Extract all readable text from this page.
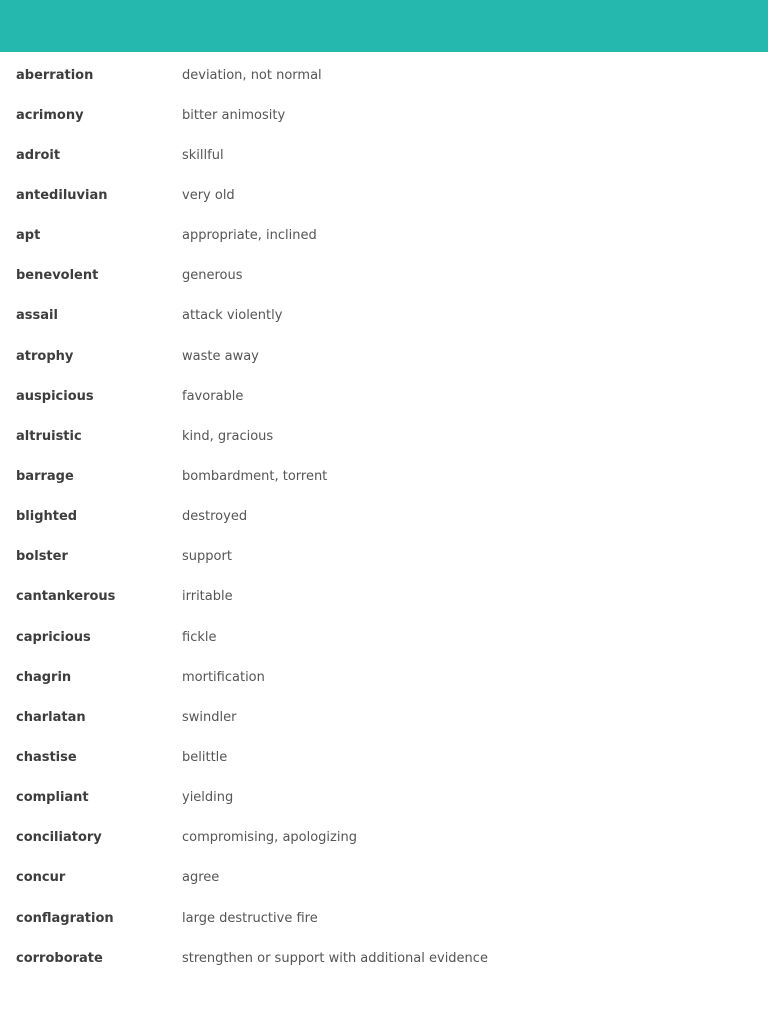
aberration	deviation, not normal
acrimony	bitter animosity
adroit	skillful
antediluvian	very old
apt	appropriate, inclined
benevolent	generous
assail	attack violently
atrophy	waste away
auspicious	favorable
altruistic	kind, gracious
barrage	bombardment, torrent
blighted	destroyed
bolster	support
cantankerous	irritable
capricious	fickle
chagrin	mortification
charlatan	swindler
chastise	belittle
compliant	yielding
conciliatory	compromising, apologizing
concur	agree
conflagration	large destructive fire
corroborate	strengthen or support with additional evidence
